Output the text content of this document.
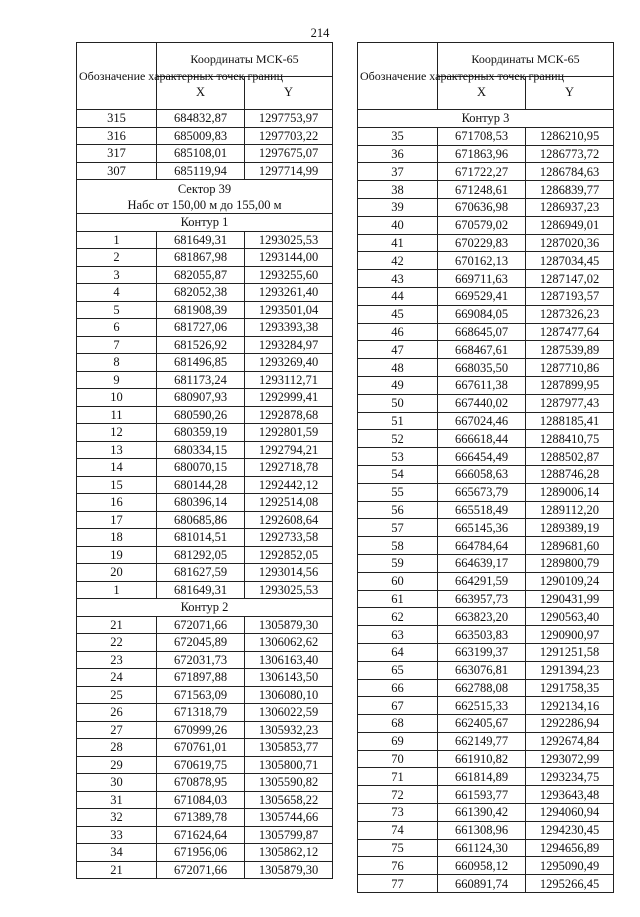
214
Обозначение характерных точек границ	Координаты МСК-65	
	X	Y
315	684832,87	1297753,97
316	685009,83	1297703,22
317	685108,01	1297675,07
307	685119,94	1297714,99

Сектор 39
Набс от 150,00 м до 155,00 м		

Контур 1		

1	681649,31	1293025,53
2	681867,98	1293144,00
3	682055,87	1293255,60
4	682052,38	1293261,40
5	681908,39	1293501,04
6	681727,06	1293393,38
7	681526,92	1293284,97
8	681496,85	1293269,40
9	681173,24	1293112,71
10	680907,93	1292999,41
11	680590,26	1292878,68
12	680359,19	1292801,59
13	680334,15	1292794,21
14	680070,15	1292718,78
15	680144,28	1292442,12
16	680396,14	1292514,08
17	680685,86	1292608,64
18	681014,51	1292733,58
19	681292,05	1292852,05
20	681627,59	1293014,56
1	681649,31	1293025,53

Контур 2		

21	672071,66	1305879,30
22	672045,89	1306062,62
23	672031,73	1306163,40
24	671897,88	1306143,50
25	671563,09	1306080,10
26	671318,79	1306022,59
27	670999,26	1305932,23
28	670761,01	1305853,77
29	670619,75	1305800,71
30	670878,95	1305590,82
31	671084,03	1305658,22
32	671389,78	1305744,66
33	671624,64	1305799,87
34	671956,06	1305862,12
21	672071,66	1305879,30
Обозначение характерных точек границ	Координаты МСК-65	
	X	Y

Контур 3		

35	671708,53	1286210,95
36	671863,96	1286773,72
37	671722,27	1286784,63
38	671248,61	1286839,77
39	670636,98	1286937,23
40	670579,02	1286949,01
41	670229,83	1287020,36
42	670162,13	1287034,45
43	669711,63	1287147,02
44	669529,41	1287193,57
45	669084,05	1287326,23
46	668645,07	1287477,64
47	668467,61	1287539,89
48	668035,50	1287710,86
49	667611,38	1287899,95
50	667440,02	1287977,43
51	667024,46	1288185,41
52	666618,44	1288410,75
53	666454,49	1288502,87
54	666058,63	1288746,28
55	665673,79	1289006,14
56	665518,49	1289112,20
57	665145,36	1289389,19
58	664784,64	1289681,60
59	664639,17	1289800,79
60	664291,59	1290109,24
61	663957,73	1290431,99
62	663823,20	1290563,40
63	663503,83	1290900,97
64	663199,37	1291251,58
65	663076,81	1291394,23
66	662788,08	1291758,35
67	662515,33	1292134,16
68	662405,67	1292286,94
69	662149,77	1292674,84
70	661910,82	1293072,99
71	661814,89	1293234,75
72	661593,77	1293643,48
73	661390,42	1294060,94
74	661308,96	1294230,45
75	661124,30	1294656,89
76	660958,12	1295090,49
77	660891,74	1295266,45
